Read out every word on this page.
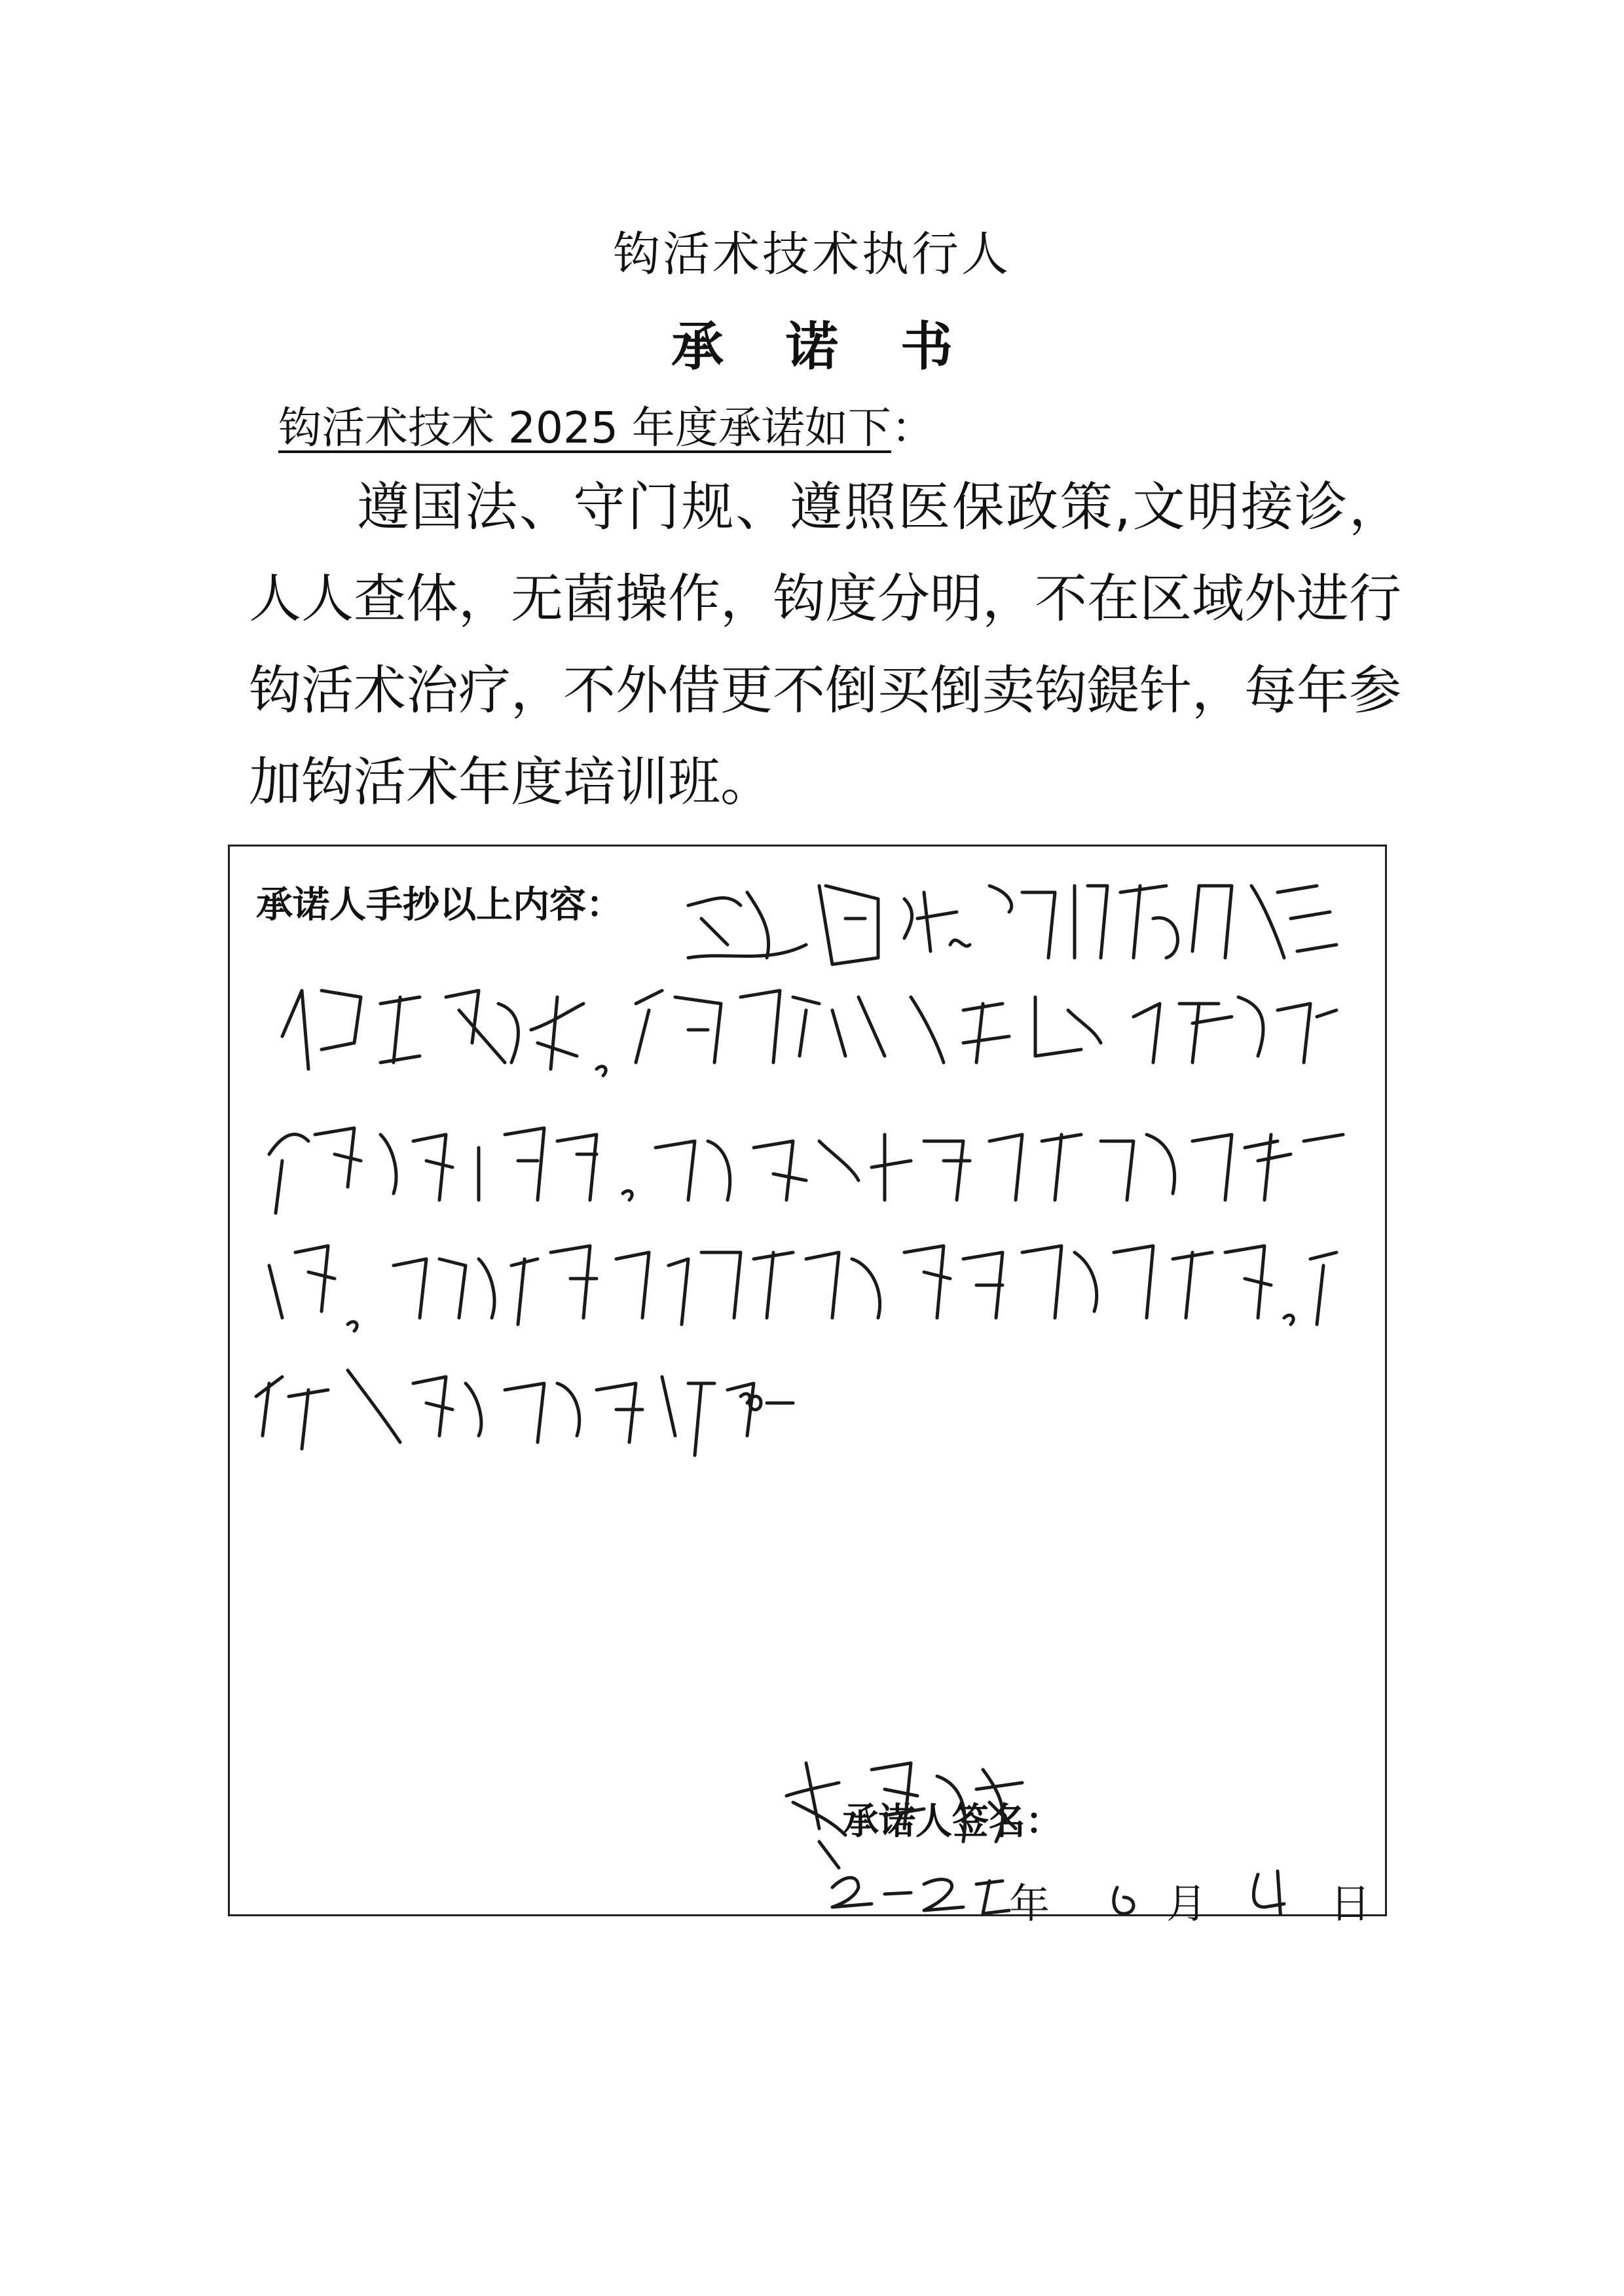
钩活术技术执行人
承诺书
钩活术技术 2025 年度承诺如下：
遵国法、守门规、遵照医保政策,文明接诊，人人查体，无菌操作，钩度分明，不在区域外进行钩活术治疗，不外借更不倒买倒卖钩鍉针，每年参加钩活术年度培训班。
承诺人手抄以上内容：
承诺人签名：
年	月	日
